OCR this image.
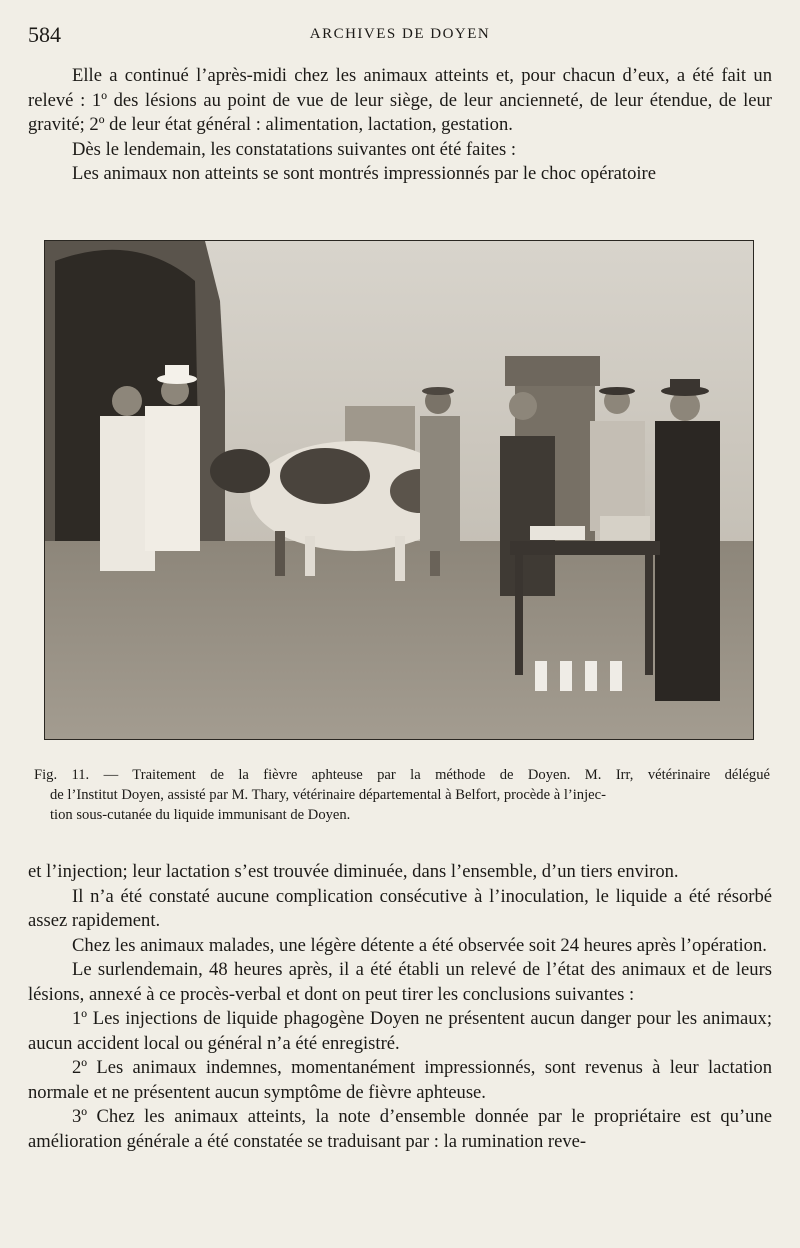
584	ARCHIVES DE DOYEN

Elle a continué l’après-midi chez les animaux atteints et, pour chacun d’eux, a été fait un relevé : 1º des lésions au point de vue de leur siège, de leur ancienneté, de leur étendue, de leur gravité; 2º de leur état général : alimentation, lactation, gestation.

Dès le lendemain, les constatations suivantes ont été faites :

Les animaux non atteints se sont montrés impressionnés par le choc opératoire

Fig. 11. — Traitement de la fièvre aphteuse par la méthode de Doyen. M. Irr, vétérinaire délégué

de l’Institut Doyen, assisté par M. Thary, vétérinaire départemental à Belfort, procède à l’injec-

tion sous-cutanée du liquide immunisant de Doyen.

et l’injection; leur lactation s’est trouvée diminuée, dans l’ensemble, d’un tiers environ.

Il n’a été constaté aucune complication consécutive à l’inoculation, le liquide a été résorbé assez rapidement.

Chez les animaux malades, une légère détente a été observée soit 24 heures après l’opération.

Le surlendemain, 48 heures après, il a été établi un relevé de l’état des animaux et de leurs lésions, annexé à ce procès-verbal et dont on peut tirer les conclusions suivantes :

1º Les injections de liquide phagogène Doyen ne présentent aucun danger pour les animaux; aucun accident local ou général n’a été enregistré.

2º Les animaux indemnes, momentanément impressionnés, sont revenus à leur lactation normale et ne présentent aucun symptôme de fièvre aphteuse.

3º Chez les animaux atteints, la note d’ensemble donnée par le propriétaire est qu’une amélioration générale a été constatée se traduisant par : la rumination reve-
